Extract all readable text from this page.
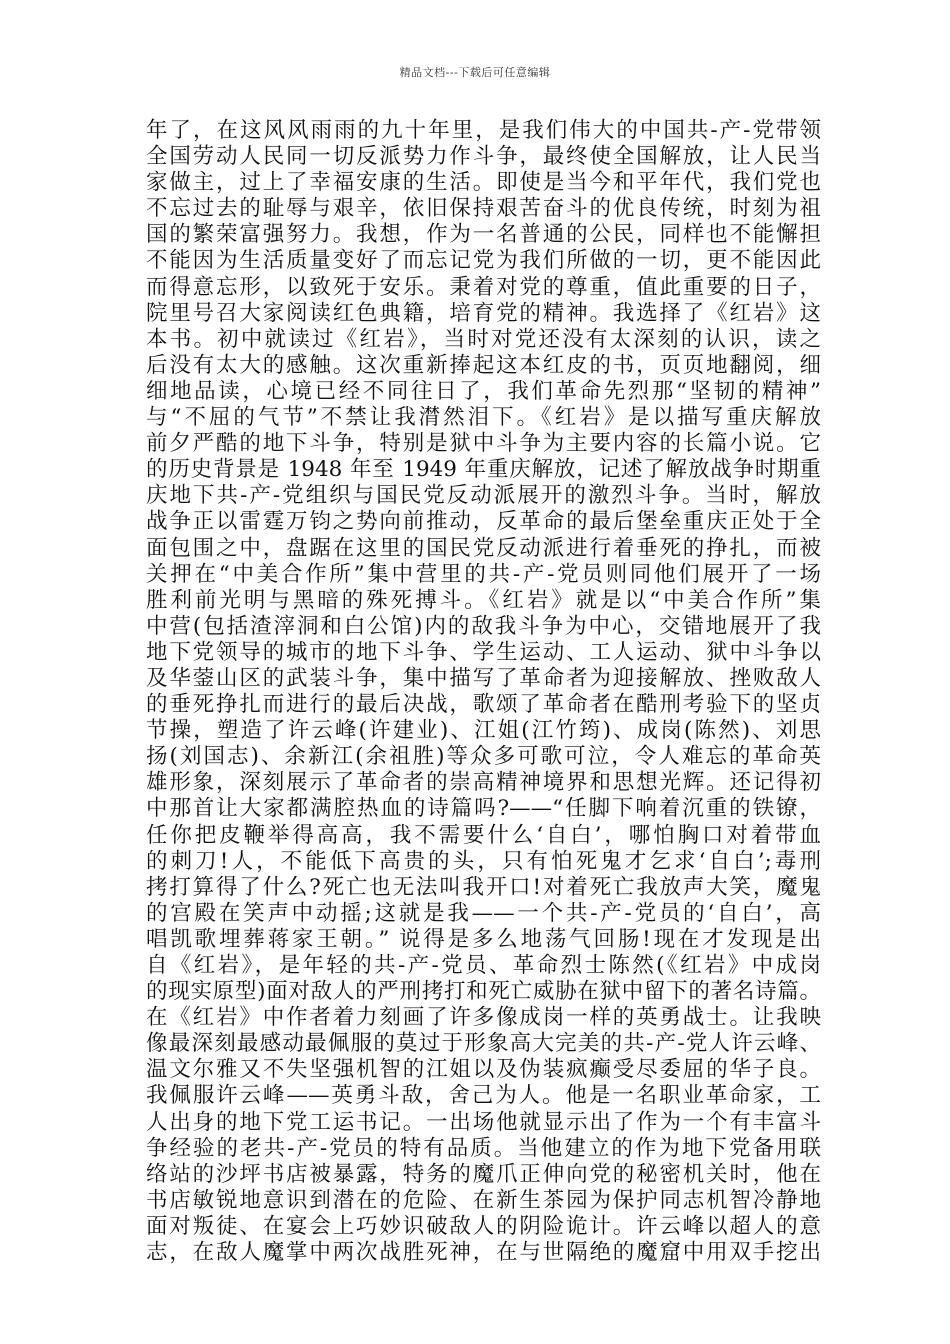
精品文档---下载后可任意编辑
年了，在这风风雨雨的九十年里，是我们伟大的中国共-产-党带领
全国劳动人民同一切反派势力作斗争，最终使全国解放，让人民当
家做主，过上了幸福安康的生活。即使是当今和平年代，我们党也
不忘过去的耻辱与艰辛，依旧保持艰苦奋斗的优良传统，时刻为祖
国的繁荣富强努力。我想，作为一名普通的公民，同样也不能懈担
不能因为生活质量变好了而忘记党为我们所做的一切，更不能因此
而得意忘形，以致死于安乐。秉着对党的尊重，值此重要的日子，
院里号召大家阅读红色典籍，培育党的精神。我选择了《红岩》这
本书。初中就读过《红岩》，当时对党还没有太深刻的认识，读之
后没有太大的感触。这次重新捧起这本红皮的书，页页地翻阅，细
细地品读，心境已经不同往日了，我们革命先烈那“坚韧的精神”
与“不屈的气节”不禁让我潸然泪下。《红岩》是以描写重庆解放
前夕严酷的地下斗争，特别是狱中斗争为主要内容的长篇小说。它
的历史背景是 1948 年至 1949 年重庆解放，记述了解放战争时期重
庆地下共-产-党组织与国民党反动派展开的激烈斗争。当时，解放
战争正以雷霆万钧之势向前推动，反革命的最后堡垒重庆正处于全
面包围之中，盘踞在这里的国民党反动派进行着垂死的挣扎，而被
关押在“中美合作所”集中营里的共-产-党员则同他们展开了一场
胜利前光明与黑暗的殊死搏斗。《红岩》就是以“中美合作所”集
中营(包括渣滓洞和白公馆)内的敌我斗争为中心，交错地展开了我
地下党领导的城市的地下斗争、学生运动、工人运动、狱中斗争以
及华蓥山区的武装斗争，集中描写了革命者为迎接解放、挫败敌人
的垂死挣扎而进行的最后决战，歌颂了革命者在酷刑考验下的坚贞
节操，塑造了许云峰(许建业)、江姐(江竹筠)、成岗(陈然)、刘思
扬(刘国志)、余新江(余祖胜)等众多可歌可泣，令人难忘的革命英
雄形象，深刻展示了革命者的崇高精神境界和思想光辉。还记得初
中那首让大家都满腔热血的诗篇吗?——“任脚下响着沉重的铁镣，
任你把皮鞭举得高高，我不需要什么‘自白’，哪怕胸口对着带血
的刺刀!人，不能低下高贵的头，只有怕死鬼才乞求‘自白’;毒刑
拷打算得了什么?死亡也无法叫我开口!对着死亡我放声大笑，魔鬼
的宫殿在笑声中动摇;这就是我——一个共-产-党员的‘自白’，高
唱凯歌埋葬蒋家王朝。” 说得是多么地荡气回肠!现在才发现是出
自《红岩》，是年轻的共-产-党员、革命烈士陈然(《红岩》中成岗
的现实原型)面对敌人的严刑拷打和死亡威胁在狱中留下的著名诗篇。
在《红岩》中作者着力刻画了许多像成岗一样的英勇战士。让我映
像最深刻最感动最佩服的莫过于形象高大完美的共-产-党人许云峰、
温文尔雅又不失坚强机智的江姐以及伪装疯癫受尽委屈的华子良。
我佩服许云峰——英勇斗敌，舍己为人。他是一名职业革命家，工
人出身的地下党工运书记。一出场他就显示出了作为一个有丰富斗
争经验的老共-产-党员的特有品质。当他建立的作为地下党备用联
络站的沙坪书店被暴露，特务的魔爪正伸向党的秘密机关时，他在
书店敏锐地意识到潜在的危险、在新生茶园为保护同志机智冷静地
面对叛徒、在宴会上巧妙识破敌人的阴险诡计。许云峰以超人的意
志，在敌人魔掌中两次战胜死神，在与世隔绝的魔窟中用双手挖出
